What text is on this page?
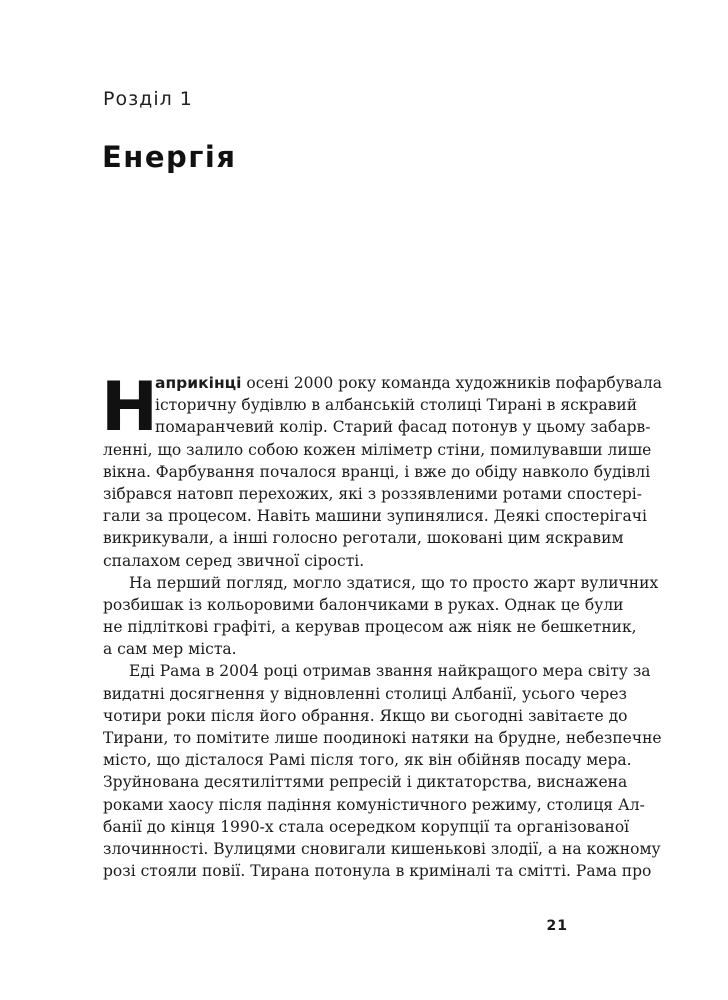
Розділ 1
Енергія
Н
априкінці осені 2000 року команда художників пофарбувала
історичну будівлю в албанській столиці Тирані в яскравий
помаранчевий колір. Старий фасад потонув у цьому забарв-
ленні, що залило собою кожен міліметр стіни, помилувавши лише
вікна. Фарбування почалося вранці, і вже до обіду навколо будівлі
зібрався натовп перехожих, які з роззявленими ротами спостері-
гали за процесом. Навіть машини зупинялися. Деякі спостерігачі
викрикували, а інші голосно реготали, шоковані цим яскравим
спалахом серед звичної сірості.
На перший погляд, могло здатися, що то просто жарт вуличних
розбишак із кольоровими балончиками в руках. Однак це були
не підліткові графіті, а керував процесом аж ніяк не бешкетник,
а сам мер міста.
Еді Рама в 2004 році отримав звання найкращого мера світу за
видатні досягнення у відновленні столиці Албанії, усього через
чотири роки після його обрання. Якщо ви сьогодні завітаєте до
Тирани, то помітите лише поодинокі натяки на брудне, небезпечне
місто, що дісталося Рамі після того, як він обійняв посаду мера.
Зруйнована десятиліттями репресій і диктаторства, виснажена
роками хаосу після падіння комуністичного режиму, столиця Ал-
банії до кінця 1990-х стала осередком корупції та організованої
злочинності. Вулицями сновигали кишенькові злодії, а на кожному
розі стояли повії. Тирана потонула в криміналі та смітті. Рама про
21
